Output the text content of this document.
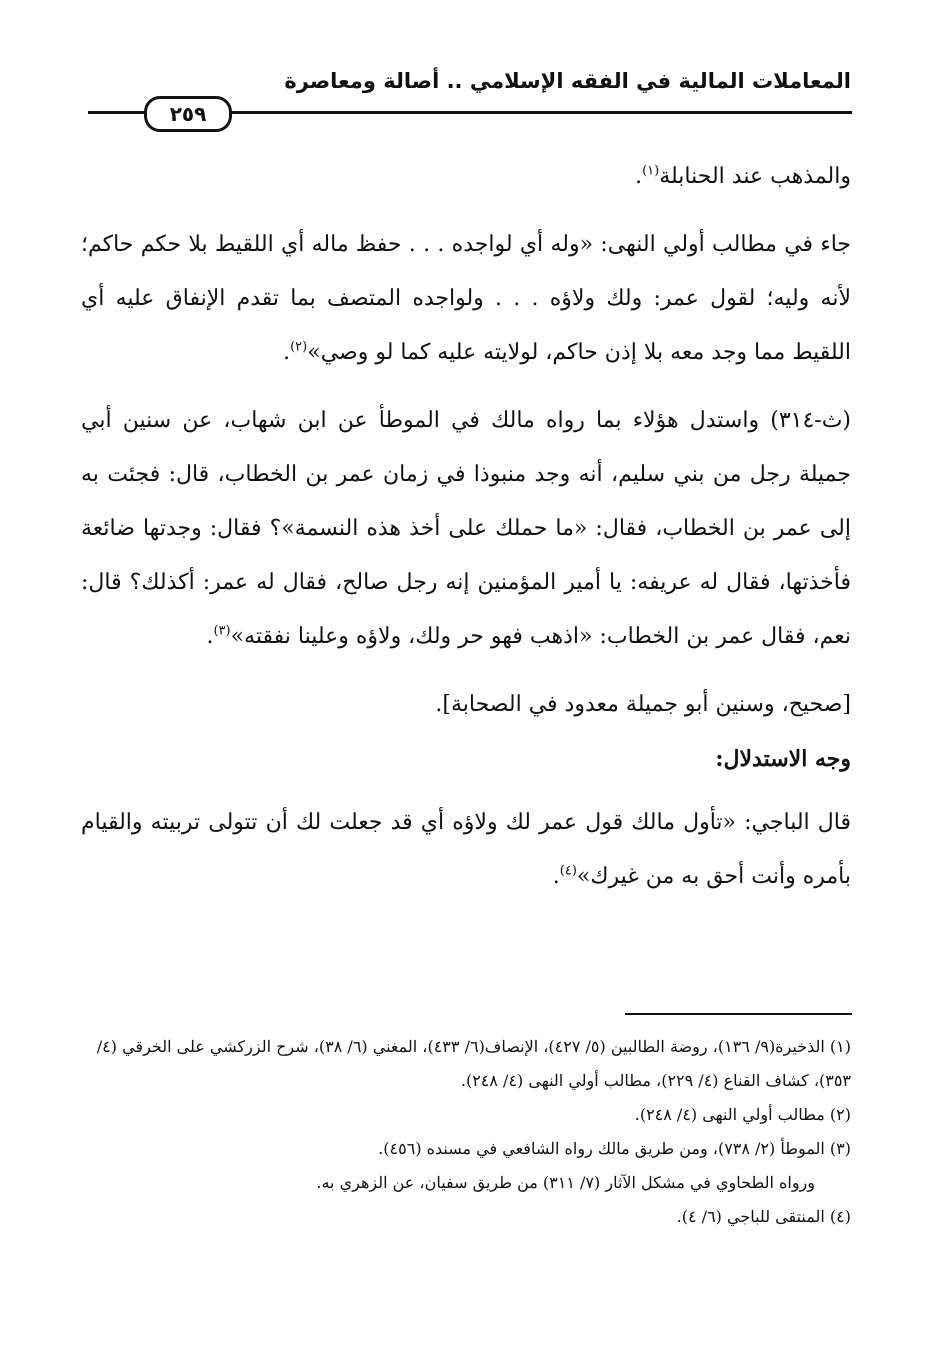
المعاملات المالية في الفقه الإسلامي .. أصالة ومعاصرة
٢٥٩

والمذهب عند الحنابلة$^{(١)}$.

جاء في مطالب أولي النهى: «وله أي لواجده . . . حفظ ماله أي اللقيط بلا حكم حاكم؛ لأنه وليه؛ لقول عمر: ولك ولاؤه . . . ولواجده المتصف بما تقدم الإنفاق عليه أي اللقيط مما وجد معه بلا إذن حاكم، لولايته عليه كما لو وصي»$^{(٢)}$.

(ث-٣١٤) واستدل هؤلاء بما رواه مالك في الموطأ عن ابن شهاب، عن سنين أبي جميلة رجل من بني سليم، أنه وجد منبوذا في زمان عمر بن الخطاب، قال: فجئت به إلى عمر بن الخطاب، فقال: «ما حملك على أخذ هذه النسمة»؟ فقال: وجدتها ضائعة فأخذتها، فقال له عريفه: يا أمير المؤمنين إنه رجل صالح، فقال له عمر: أكذلك؟ قال: نعم، فقال عمر بن الخطاب: «اذهب فهو حر ولك، ولاؤه وعلينا نفقته»$^{(٣)}$.

[صحيح، وسنين أبو جميلة معدود في الصحابة].

وجه الاستدلال:

قال الباجي: «تأول مالك قول عمر لك ولاؤه أي قد جعلت لك أن تتولى تربيته والقيام بأمره وأنت أحق به من غيرك»$^{(٤)}$.

(١) الذخيرة(٩/ ١٣٦)، روضة الطالبين (٥/ ٤٢٧)، الإنصاف(٦/ ٤٣٣)، المغني (٦/ ٣٨)، شرح الزركشي على الخرقي (٤/ ٣٥٣)، كشاف القناع (٤/ ٢٢٩)، مطالب أولي النهى (٤/ ٢٤٨).

(٢) مطالب أولي النهى (٤/ ٢٤٨).

(٣) الموطأ (٢/ ٧٣٨)، ومن طريق مالك رواه الشافعي في مسنده (٤٥٦).

ورواه الطحاوي في مشكل الآثار (٧/ ٣١١) من طريق سفيان، عن الزهري به.

(٤) المنتقى للباجي (٦/ ٤).
